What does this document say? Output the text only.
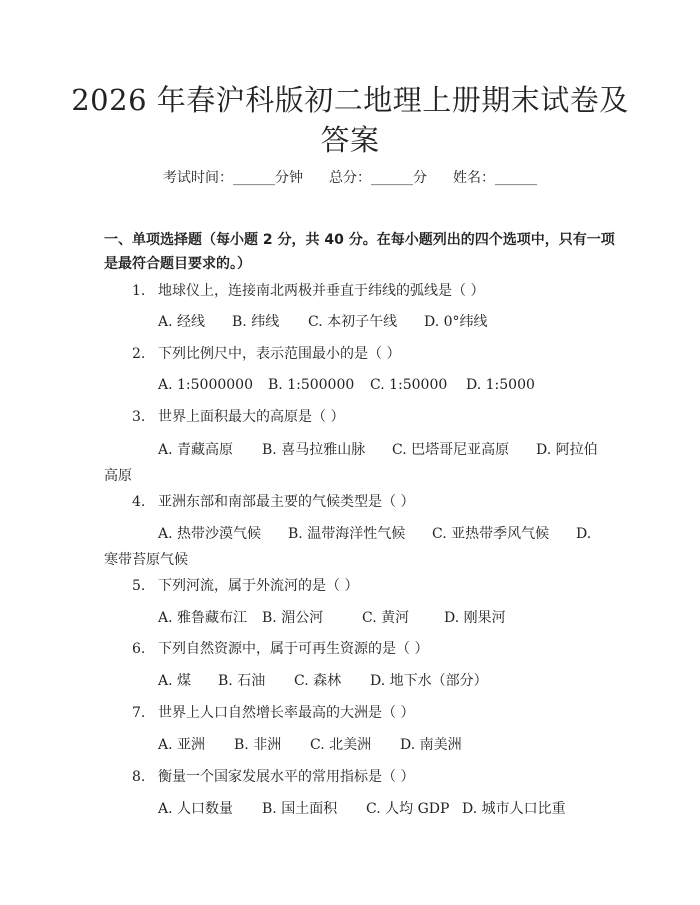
2026 年春沪科版初二地理上册期末试卷及答案
考试时间：______分钟 总分：______分 姓名：______
一、单项选择题（每小题 2 分，共 40 分。在每小题列出的四个选项中，只有一项是最符合题目要求的。）
1. 地球仪上，连接南北两极并垂直于纬线的弧线是（ ）
A. 经线 B. 纬线 C. 本初子午线 D. 0°纬线
2. 下列比例尺中，表示范围最小的是（ ）
A. 1:5000000 B. 1:500000 C. 1:50000 D. 1:5000
3. 世界上面积最大的高原是（ ）
A. 青藏高原 B. 喜马拉雅山脉 C. 巴塔哥尼亚高原 D. 阿拉伯
高原
4. 亚洲东部和南部最主要的气候类型是（ ）
A. 热带沙漠气候 B. 温带海洋性气候 C. 亚热带季风气候 D.
寒带苔原气候
5. 下列河流，属于外流河的是（ ）
A. 雅鲁藏布江 B. 湄公河	C. 黄河 D. 刚果河
6. 下列自然资源中，属于可再生资源的是（ ）
A. 煤 B. 石油 C. 森林 D. 地下水（部分）
7. 世界上人口自然增长率最高的大洲是（ ）
A. 亚洲 B. 非洲 C. 北美洲 D. 南美洲
8. 衡量一个国家发展水平的常用指标是（ ）
A. 人口数量 B. 国土面积 C. 人均 GDP D. 城市人口比重
